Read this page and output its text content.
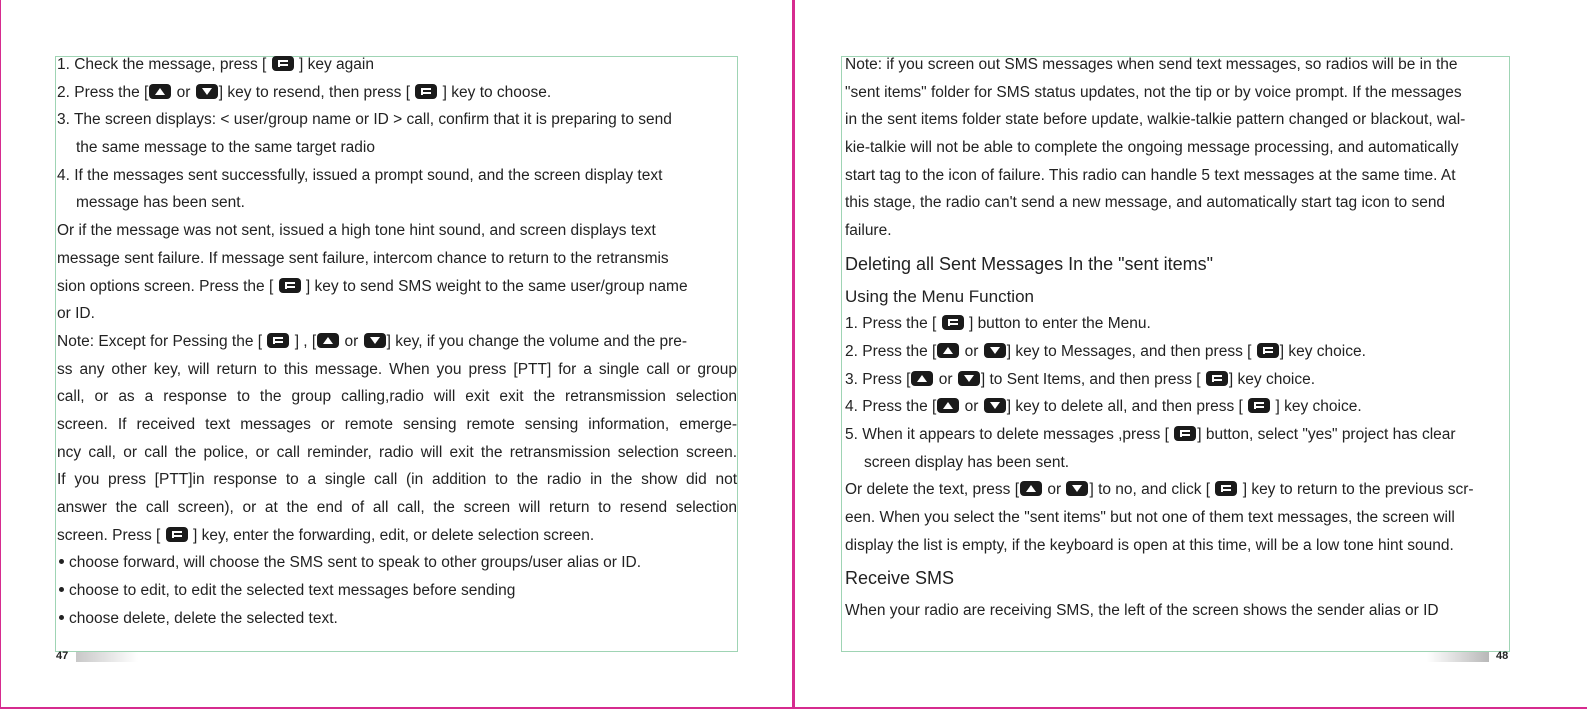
1. Check the message, press [ ] key again
2. Press the [ or ] key to resend, then press [ ] key to choose.
3. The screen displays: < user/group name or ID > call, confirm that it is preparing to send
the same message to the same target radio
4. If the messages sent successfully, issued a prompt sound, and the screen display text
message has been sent.
Or if the message was not sent, issued a high tone hint sound, and screen displays text
message sent failure. If message sent failure, intercom chance to return to the retransmis
sion options screen. Press the [ ] key to send SMS weight to the same user/group name
or ID.
Note: Except for Pessing the [ ] , [ or ] key, if you change the volume and the pre-
ss any other key, will return to this message. When you press [PTT] for a single call or group
call, or as a response to the group calling,radio will exit exit the retransmission selection
screen. If received text messages or remote sensing remote sensing information, emerge-
ncy call, or call the police, or call reminder, radio will exit the retransmission selection screen.
If you press [PTT]in response to a single call (in addition to the radio in the show did not
answer the call screen), or at the end of all call, the screen will return to resend selection
screen. Press [ ] key, enter the forwarding, edit, or delete selection screen.
choose forward, will choose the SMS sent to speak to other groups/user alias or ID.
choose to edit, to edit the selected text messages before sending
choose delete, delete the selected text.
47
Note: if you screen out SMS messages when send text messages, so radios will be in the
"sent items" folder for SMS status updates, not the tip or by voice prompt. If the messages
in the sent items folder state before update, walkie-talkie pattern changed or blackout, wal-
kie-talkie will not be able to complete the ongoing message processing, and automatically
start tag to the icon of failure. This radio can handle 5 text messages at the same time. At
this stage, the radio can't send a new message, and automatically start tag icon to send
failure.
Deleting all Sent Messages In the "sent items"
Using the Menu Function
1. Press the [ ] button to enter the Menu.
2. Press the [ or ] key to Messages, and then press [ ] key choice.
3. Press [ or ] to Sent Items, and then press [ ] key choice.
4. Press the [ or ] key to delete all, and then press [ ] key choice.
5. When it appears to delete messages ,press [ ] button, select "yes" project has clear
screen display has been sent.
Or delete the text, press [ or ] to no, and click [ ] key to return to the previous scr-
een. When you select the "sent items" but not one of them text messages, the screen will
display the list is empty, if the keyboard is open at this time, will be a low tone hint sound.
Receive SMS
When your radio are receiving SMS, the left of the screen shows the sender alias or ID
48
